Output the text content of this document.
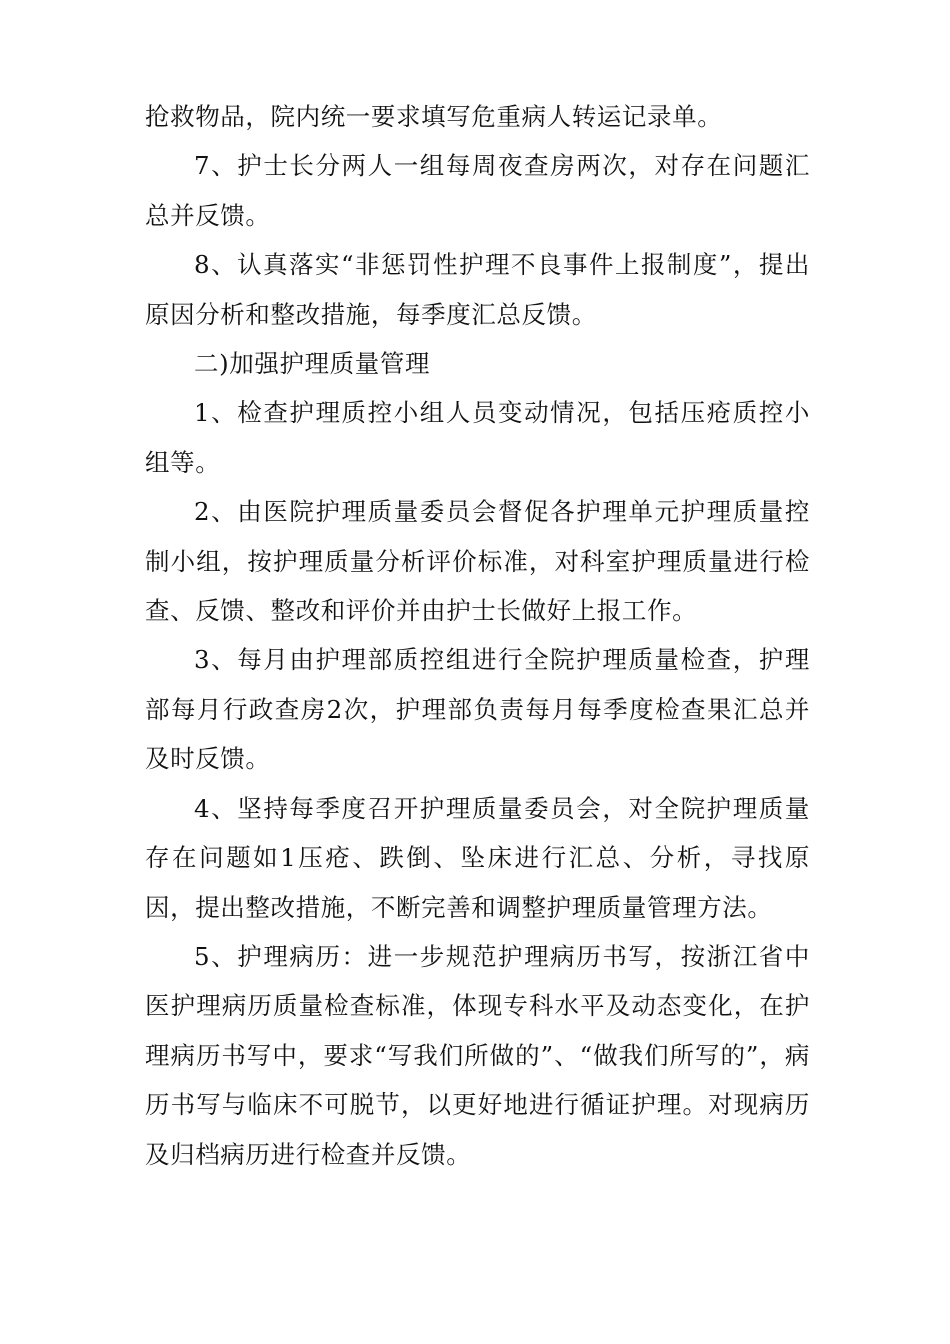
抢救物品，院内统一要求填写危重病人转运记录单。

7、护士长分两人一组每周夜查房两次，对存在问题汇总并反馈。

8、认真落实“非惩罚性护理不良事件上报制度”，提出原因分析和整改措施，每季度汇总反馈。

二)加强护理质量管理

1、检查护理质控小组人员变动情况，包括压疮质控小组等。

2、由医院护理质量委员会督促各护理单元护理质量控制小组，按护理质量分析评价标准，对科室护理质量进行检查、反馈、整改和评价并由护士长做好上报工作。

3、每月由护理部质控组进行全院护理质量检查，护理部每月行政查房2次，护理部负责每月每季度检查果汇总并及时反馈。

4、坚持每季度召开护理质量委员会，对全院护理质量存在问题如1压疮、跌倒、坠床进行汇总、分析，寻找原因，提出整改措施，不断完善和调整护理质量管理方法。

5、护理病历：进一步规范护理病历书写，按浙江省中医护理病历质量检查标准，体现专科水平及动态变化，在护理病历书写中，要求“写我们所做的”、“做我们所写的”，病历书写与临床不可脱节，以更好地进行循证护理。对现病历及归档病历进行检查并反馈。
